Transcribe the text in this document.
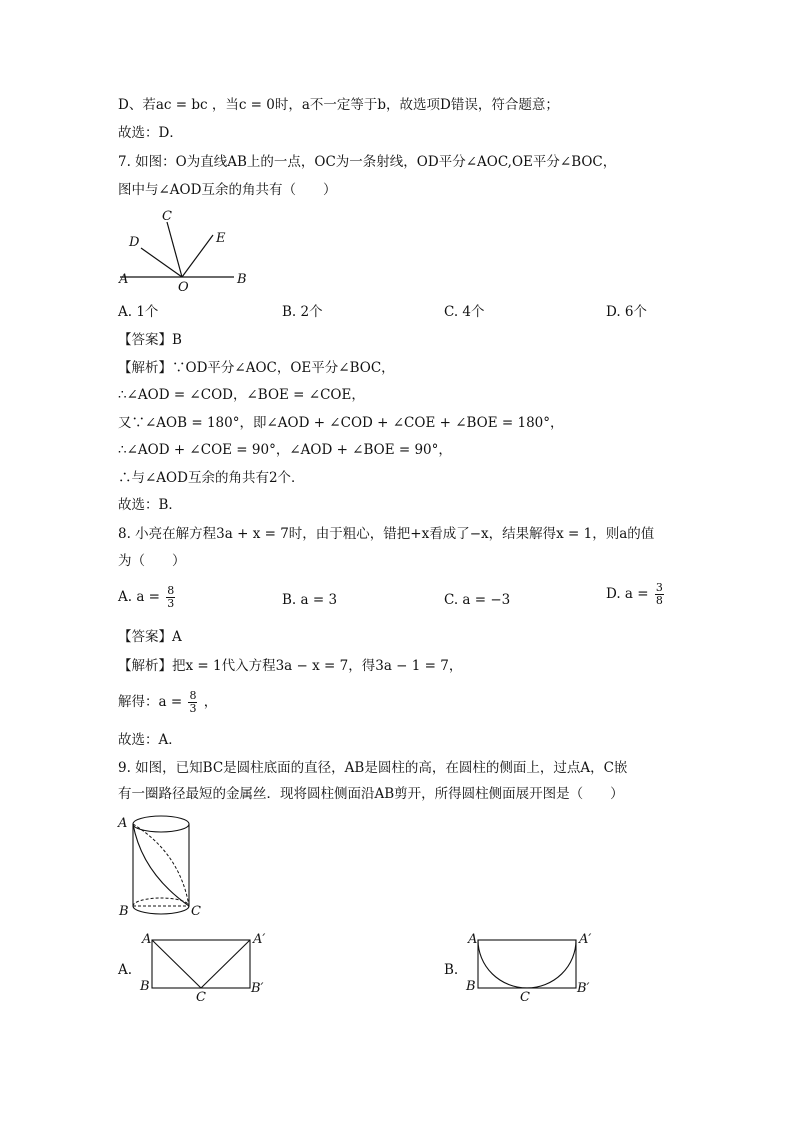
D、若ac = bc ，当c = 0时，a不一定等于b，故选项D错误，符合题意；
故选：D．
7. 如图：O为直线AB上的一点，OC为一条射线，OD平分∠AOC,OE平分∠BOC，
图中与∠AOD互余的角共有（　　）
A	B
C
D	E
O
A. 1个	B. 2个	C. 4个	D. 6个
【答案】B
【解析】∵OD平分∠AOC，OE平分∠BOC，
∴∠AOD = ∠COD，∠BOE = ∠COE，
又∵∠AOB = 180°，即∠AOD + ∠COD + ∠COE + ∠BOE = 180°，
∴∠AOD + ∠COE = 90°，∠AOD + ∠BOE = 90°，
∴与∠AOD互余的角共有2个．
故选：B．
8. 小亮在解方程3a + x = 7时，由于粗心，错把+x看成了−x，结果解得x = 1，则a的值
为（　　）
A. $a = \frac{8}{3}$	B. a = 3	C. a = −3	D. $a = \frac{3}{8}$
【答案】A
【解析】把x = 1代入方程3a − x = 7，得3a − 1 = 7，
解得：$a = \frac{8}{3}$ ，
故选：A．
9. 如图，已知BC是圆柱底面的直径，AB是圆柱的高，在圆柱的侧面上，过点A，C嵌
有一圈路径最短的金属丝．现将圆柱侧面沿AB剪开，所得圆柱侧面展开图是（　　）
A
B	C
A.
A	A′
B	B′
C
B.
A	A′
B	B′
C
